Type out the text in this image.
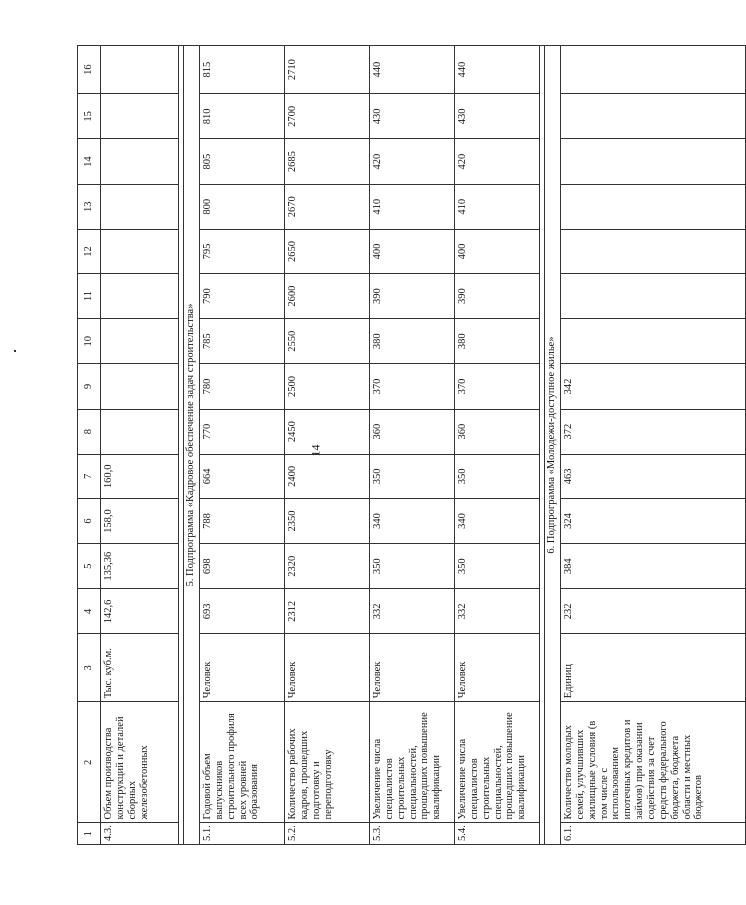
14
1	2	3	4	5	6	7	8	9	10	11	12	13	14	15	16
4.3.	Объем производства конструкций и деталей сборных железобетонных	Тыс. куб.м.	142,6	135,36	158,0	160,0									

5. Подпрограмма «Кадровое обеспечение задач строительства»															
5.1.	Годовой объем выпускников строительного профиля всех уровней образования	Человек	693	698	788	664	770	780	785	790	795	800	805	810	815
5.2.	Количество рабочих кадров, прошедших подготовку и переподготовку	Человек	2312	2320	2350	2400	2450	2500	2550	2600	2650	2670	2685	2700	2710
5.3.	Увеличение числа специалистов строительных специальностей, прошедших повышение квалификации	Человек	332	350	340	350	360	370	380	390	400	410	420	430	440
5.4.	Увеличение числа специалистов строительных специальностей, прошедших повышение квалификации	Человек	332	350	340	350	360	370	380	390	400	410	420	430	440

6. Подпрограмма «Молодежи-доступное жилье»															
6.1.	Количество молодых семей, улучшивших жилищные условия (в том числе с использованием ипотечных кредитов и займов) при оказании содействия за счет средств федерального бюджета, бюджета области и местных бюджетов	Единиц	232	384	324	463	372	342							
